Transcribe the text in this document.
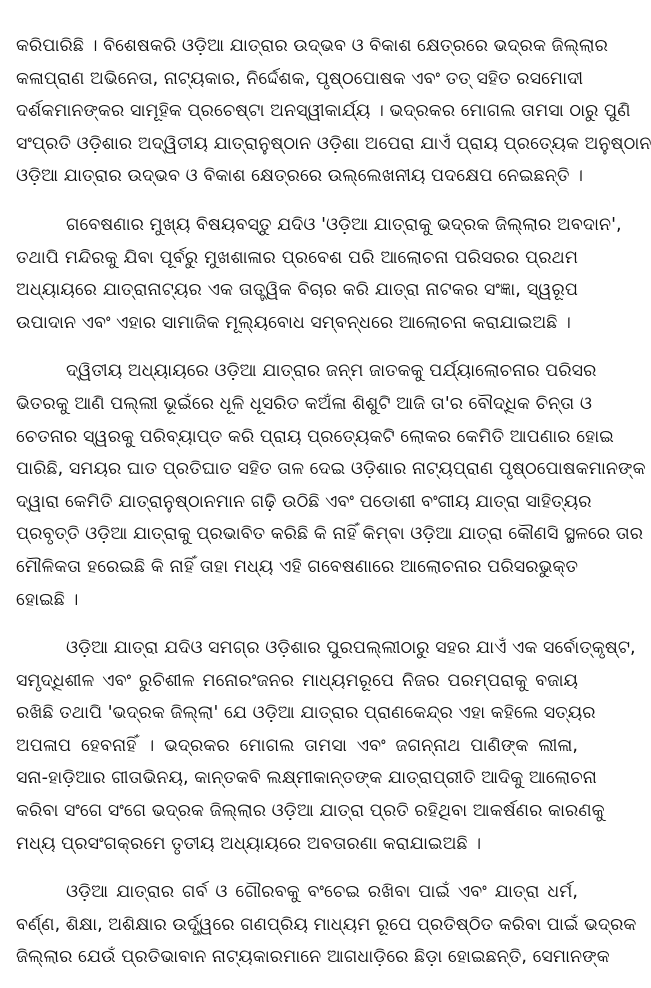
କରିପାରିଛି । ବିଶେଷକରି ଓଡ଼ିଆ ଯାତ୍ରାର ଉଦ୍‌ଭବ ଓ ବିକାଶ କ୍ଷେତ୍ରରେ ଭଦ୍ରକ ଜିଲ୍ଲାର
କଳାପ୍ରାଣ ଅଭିନେତା, ନାଟ୍ୟକାର, ନିର୍ଦ୍ଦେଶକ, ପୃଷ୍ଠପୋଷକ ଏବଂ ତତ୍ ସହିତ ରସମୋଦୀ
ଦର୍ଶକମାନଙ୍କର ସାମୂହିକ ପ୍ରଚେଷ୍ଟା ଅନସ୍ୱୀକାର୍ଯ୍ୟ । ଭଦ୍ରକର ମୋଗଲ ତାମସା ଠାରୁ ପୁଣି
ସଂପ୍ରତି ଓଡ଼ିଶାର ଅଦ୍ୱିତୀୟ ଯାତ୍ରାନୁଷ୍ଠାନ ଓଡ଼ିଶା ଅପେରା ଯାଏଁ ପ୍ରାୟ ପ୍ରତ୍ୟେକ ଅନୁଷ୍ଠାନ
ଓଡ଼ିଆ ଯାତ୍ରାର ଉଦ୍‌ଭବ ଓ ବିକାଶ କ୍ଷେତ୍ରରେ ଉଲ୍ଲେଖନୀୟ ପଦକ୍ଷେପ ନେଇଛନ୍ତି ।
ଗବେଷଣାର ମୁଖ୍ୟ ବିଷୟବସ୍ତୁ ଯଦିଓ 'ଓଡ଼ିଆ ଯାତ୍ରାକୁ ଭଦ୍ରକ ଜିଲ୍ଲାର ଅବଦାନ',
ତଥାପି ମନ୍ଦିରକୁ ଯିବା ପୂର୍ବରୁ ମୁଖଶାଳାର ପ୍ରବେଶ ପରି ଆଲୋଚନା ପରିସରର ପ୍ରଥମ
ଅଧ୍ୟାୟରେ ଯାତ୍ରାନାଟ୍ୟର ଏକ ତାତ୍ତ୍ୱିକ ବିଚାର କରି ଯାତ୍ରା ନାଟକର ସଂଜ୍ଞା, ସ୍ୱରୂପ
ଉପାଦାନ ଏବଂ ଏହାର ସାମାଜିକ ମୂଲ୍ୟବୋଧ ସମ୍ବନ୍ଧରେ ଆଲୋଚନା କରାଯାଇଅଛି ।
ଦ୍ୱିତୀୟ ଅଧ୍ୟାୟରେ ଓଡ଼ିଆ ଯାତ୍ରାର ଜନ୍ମ ଜାତକକୁ ପର୍ଯ୍ୟାଲୋଚନାର ପରିସର
ଭିତରକୁ ଆଣି ପଲ୍ଲୀ ଭୂଇଁରେ ଧୂଳି ଧୂସରିତ କଅଁଳା ଶିଶୁଟି ଆଜି ତା'ର ବୌଦ୍ଧିକ ଚିନ୍ତା ଓ
ଚେତନାର ସ୍ୱରକୁ ପରିବ୍ୟାପ୍ତ କରି ପ୍ରାୟ ପ୍ରତ୍ୟେକଟି ଲୋକର କେମିତି ଆପଣାର ହୋଇ
ପାରିଛି, ସମୟର ଘାତ ପ୍ରତିଘାତ ସହିତ ତାଳ ଦେଇ ଓଡ଼ିଶାର ନାଟ୍ୟପ୍ରାଣ ପୃଷ୍ଠପୋଷକମାନଙ୍କ
ଦ୍ୱାରା କେମିତି ଯାତ୍ରାନୁଷ୍ଠାନମାନ ଗଢ଼ି ଉଠିଛି ଏବଂ ପଡୋଶୀ ବଂଗୀୟ ଯାତ୍ରା ସାହିତ୍ୟର
ପ୍ରବୃତ୍ତି ଓଡ଼ିଆ ଯାତ୍ରାକୁ ପ୍ରଭାବିତ କରିଛି କି ନାହିଁ କିମ୍ବା ଓଡ଼ିଆ ଯାତ୍ରା କୌଣସି ସ୍ଥଳରେ ତାର
ମୌଳିକତା ହରେଇଛି କି ନାହିଁ ତାହା ମଧ୍ୟ ଏହି ଗବେଷଣାରେ ଆଲୋଚନାର ପରିସରଭୁକ୍ତ
ହୋଇଛି ।
ଓଡ଼ିଆ ଯାତ୍ରା ଯଦିଓ ସମଗ୍ର ଓଡ଼ିଶାର ପୁରପଲ୍ଲୀଠାରୁ ସହର ଯାଏଁ ଏକ ସର୍ବୋତ୍କୃଷ୍ଟ,
ସମୃଦ୍ଧିଶୀଳ ଏବଂ ରୁଚିଶୀଳ ମନୋରଂଜନର ମାଧ୍ୟମରୂପେ ନିଜର ପରମ୍ପରାକୁ ବଜାୟ
ରଖିଛି ତଥାପି 'ଭଦ୍ରକ ଜିଲ୍ଲା' ଯେ ଓଡ଼ିଆ ଯାତ୍ରାର ପ୍ରାଣକେନ୍ଦ୍ର ଏହା କହିଲେ ସତ୍ୟର
ଅପଳାପ ହେବନାହିଁ । ଭଦ୍ରକର ମୋଗଲ ତାମସା ଏବଂ ଜଗନ୍ନାଥ ପାଣିଙ୍କ ଲୀଳା,
ସନା-ହାଡ଼ିଆର ଗୀତାଭିନୟ, କାନ୍ତକବି ଲକ୍ଷ୍ମୀକାନ୍ତଙ୍କ ଯାତ୍ରାପ୍ରୀତି ଆଦିକୁ ଆଲୋଚନା
କରିବା ସଂଗେ ସଂଗେ ଭଦ୍ରକ ଜିଲ୍ଲାର ଓଡ଼ିଆ ଯାତ୍ରା ପ୍ରତି ରହିଥିବା ଆକର୍ଷଣର କାରଣକୁ
ମଧ୍ୟ ପ୍ରସଂଗକ୍ରମେ ତୃତୀୟ ଅଧ୍ୟାୟରେ ଅବତାରଣା କରାଯାଇଅଛି ।
ଓଡ଼ିଆ ଯାତ୍ରାର ଗର୍ବ ଓ ଗୌରବକୁ ବଂଚେଇ ରଖିବା ପାଇଁ ଏବଂ ଯାତ୍ରା ଧର୍ମ,
ବର୍ଣ୍ଣ, ଶିକ୍ଷା, ଅଶିକ୍ଷାର ଉର୍ଦ୍ଧ୍ୱରେ ଗଣପ୍ରିୟ ମାଧ୍ୟମ ରୂପେ ପ୍ରତିଷ୍ଠିତ କରିବା ପାଇଁ ଭଦ୍ରକ
ଜିଲ୍ଲାର ଯେଉଁ ପ୍ରତିଭାବାନ ନାଟ୍ୟକାରମାନେ ଆଗଧାଡ଼ିରେ ଛିଡ଼ା ହୋଇଛନ୍ତି, ସେମାନଙ୍କ
